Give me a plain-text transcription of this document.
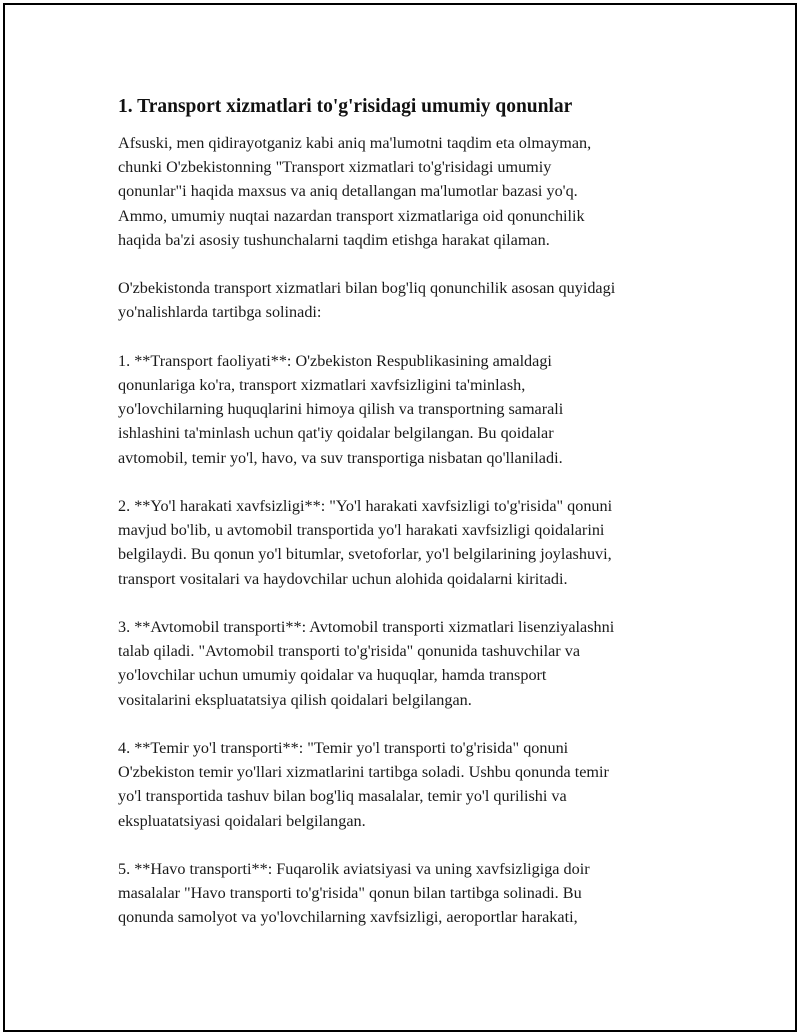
1. Transport xizmatlari to'g'risidagi umumiy qonunlar

Afsuski, men qidirayotganiz kabi aniq ma'lumotni taqdim eta olmayman,
chunki O'zbekistonning "Transport xizmatlari to'g'risidagi umumiy
qonunlar"i haqida maxsus va aniq detallangan ma'lumotlar bazasi yo'q.
Ammo, umumiy nuqtai nazardan transport xizmatlariga oid qonunchilik
haqida ba'zi asosiy tushunchalarni taqdim etishga harakat qilaman.

O'zbekistonda transport xizmatlari bilan bog'liq qonunchilik asosan quyidagi
yo'nalishlarda tartibga solinadi:

1. **Transport faoliyati**: O'zbekiston Respublikasining amaldagi
qonunlariga ko'ra, transport xizmatlari xavfsizligini ta'minlash,
yo'lovchilarning huquqlarini himoya qilish va transportning samarali
ishlashini ta'minlash uchun qat'iy qoidalar belgilangan. Bu qoidalar
avtomobil, temir yo'l, havo, va suv transportiga nisbatan qo'llaniladi.

2. **Yo'l harakati xavfsizligi**: "Yo'l harakati xavfsizligi to'g'risida" qonuni
mavjud bo'lib, u avtomobil transportida yo'l harakati xavfsizligi qoidalarini
belgilaydi. Bu qonun yo'l bitumlar, svetoforlar, yo'l belgilarining joylashuvi,
transport vositalari va haydovchilar uchun alohida qoidalarni kiritadi.

3. **Avtomobil transporti**: Avtomobil transporti xizmatlari lisenziyalashni
talab qiladi. "Avtomobil transporti to'g'risida" qonunida tashuvchilar va
yo'lovchilar uchun umumiy qoidalar va huquqlar, hamda transport
vositalarini ekspluatatsiya qilish qoidalari belgilangan.

4. **Temir yo'l transporti**: "Temir yo'l transporti to'g'risida" qonuni
O'zbekiston temir yo'llari xizmatlarini tartibga soladi. Ushbu qonunda temir
yo'l transportida tashuv bilan bog'liq masalalar, temir yo'l qurilishi va
ekspluatatsiyasi qoidalari belgilangan.

5. **Havo transporti**: Fuqarolik aviatsiyasi va uning xavfsizligiga doir
masalalar "Havo transporti to'g'risida" qonun bilan tartibga solinadi. Bu
qonunda samolyot va yo'lovchilarning xavfsizligi, aeroportlar harakati,
